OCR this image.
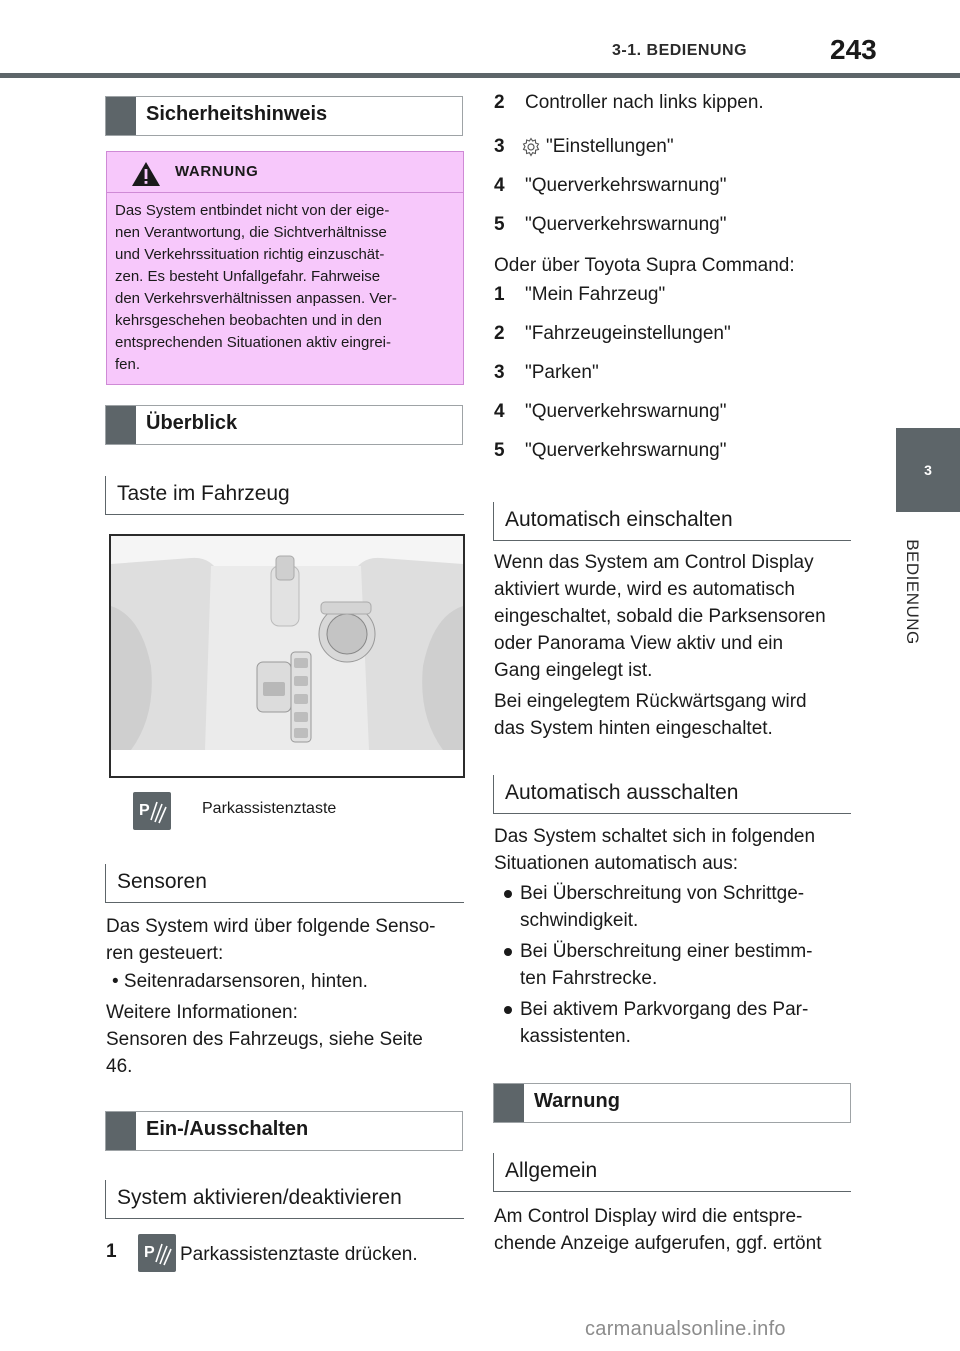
3-1. BEDIENUNG	243
3
BEDIENUNG
Sicherheitshinweis
WARNUNG
Das System entbindet nicht von der eige-
nen Verantwortung, die Sichtverhältnisse
und Verkehrssituation richtig einzuschät-
zen. Es besteht Unfallgefahr. Fahrweise
den Verkehrsverhältnissen anpassen. Ver-
kehrsgeschehen beobachten und in den
entsprechenden Situationen aktiv eingrei-
fen.
Überblick
Taste im Fahrzeug
P	Parkassistenztaste
Sensoren
Das System wird über folgende Senso-
ren gesteuert:
• Seitenradarsensoren, hinten.
Weitere Informationen:
Sensoren des Fahrzeugs, siehe Seite
46.
Ein-/Ausschalten
System aktivieren/deaktivieren
1 P Parkassistenztaste drücken.
2 Controller nach links kippen.
3 "Einstellungen"
4 "Querverkehrswarnung"
5 "Querverkehrswarnung"
Oder über Toyota Supra Command:
1 "Mein Fahrzeug"
2 "Fahrzeugeinstellungen"
3 "Parken"
4 "Querverkehrswarnung"
5 "Querverkehrswarnung"
Automatisch einschalten
Wenn das System am Control Display
aktiviert wurde, wird es automatisch
eingeschaltet, sobald die Parksensoren
oder Panorama View aktiv und ein
Gang eingelegt ist.
Bei eingelegtem Rückwärtsgang wird
das System hinten eingeschaltet.
Automatisch ausschalten
Das System schaltet sich in folgenden
Situationen automatisch aus:
Bei Überschreitung von Schrittge-
schwindigkeit.
Bei Überschreitung einer bestimm-
ten Fahrstrecke.
Bei aktivem Parkvorgang des Par-
kassistenten.
Warnung
Allgemein
Am Control Display wird die entspre-
chende Anzeige aufgerufen, ggf. ertönt
carmanualsonline.info
